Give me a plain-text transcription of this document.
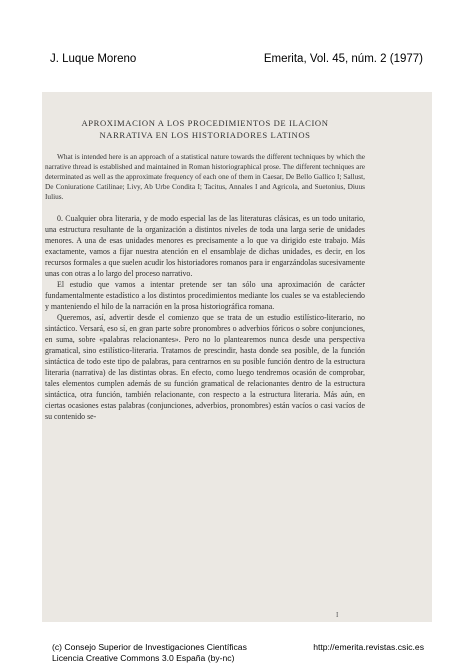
J. Luque Moreno	Emerita, Vol. 45, núm. 2 (1977)
APROXIMACION A LOS PROCEDIMIENTOS DE ILACION
NARRATIVA EN LOS HISTORIADORES LATINOS

What is intended here is an approach of a statistical nature towards the different techniques by which the narrative thread is established and maintained in Roman historiographical prose. The different techniques are determinated as well as the approximate frequency of each one of them in Caesar, De Bello Gallico I; Sallust, De Coniuratione Catilinae; Livy, Ab Urbe Condita I; Tacitus, Annales I and Agricola, and Suetonius, Diuus Iulius.

0. Cualquier obra literaria, y de modo especial las de las literaturas clásicas, es un todo unitario, una estructura resultante de la organización a distintos niveles de toda una larga serie de unidades menores. A una de esas unidades menores es precisamente a lo que va dirigido este trabajo. Más exactamente, vamos a fijar nuestra atención en el ensamblaje de dichas unidades, es decir, en los recursos formales a que suelen acudir los historiadores romanos para ir engarzándolas sucesivamente unas con otras a lo largo del proceso narrativo.

El estudio que vamos a intentar pretende ser tan sólo una aproximación de carácter fundamentalmente estadístico a los distintos procedimientos mediante los cuales se va estableciendo y manteniendo el hilo de la narración en la prosa historiográfica romana.

Queremos, así, advertir desde el comienzo que se trata de un estudio estilístico-literario, no sintáctico. Versará, eso sí, en gran parte sobre pronombres o adverbios fóricos o sobre conjunciones, en suma, sobre «palabras relacionantes». Pero no lo plantearemos nunca desde una perspectiva gramatical, sino estilístico-literaria. Tratamos de prescindir, hasta donde sea posible, de la función sintáctica de todo este tipo de palabras, para centrarnos en su posible función dentro de la estructura literaria (narrativa) de las distintas obras. En efecto, como luego tendremos ocasión de comprobar, tales elementos cumplen además de su función gramatical de relacionantes dentro de la estructura sintáctica, otra función, también relacionante, con respecto a la estructura literaria. Más aún, en ciertas ocasiones estas palabras (conjunciones, adverbios, pronombres) están vacíos o casi vacíos de su contenido se-

I
(c) Consejo Superior de Investigaciones Científicas
Licencia Creative Commons 3.0 España (by-nc)
http://emerita.revistas.csic.es
